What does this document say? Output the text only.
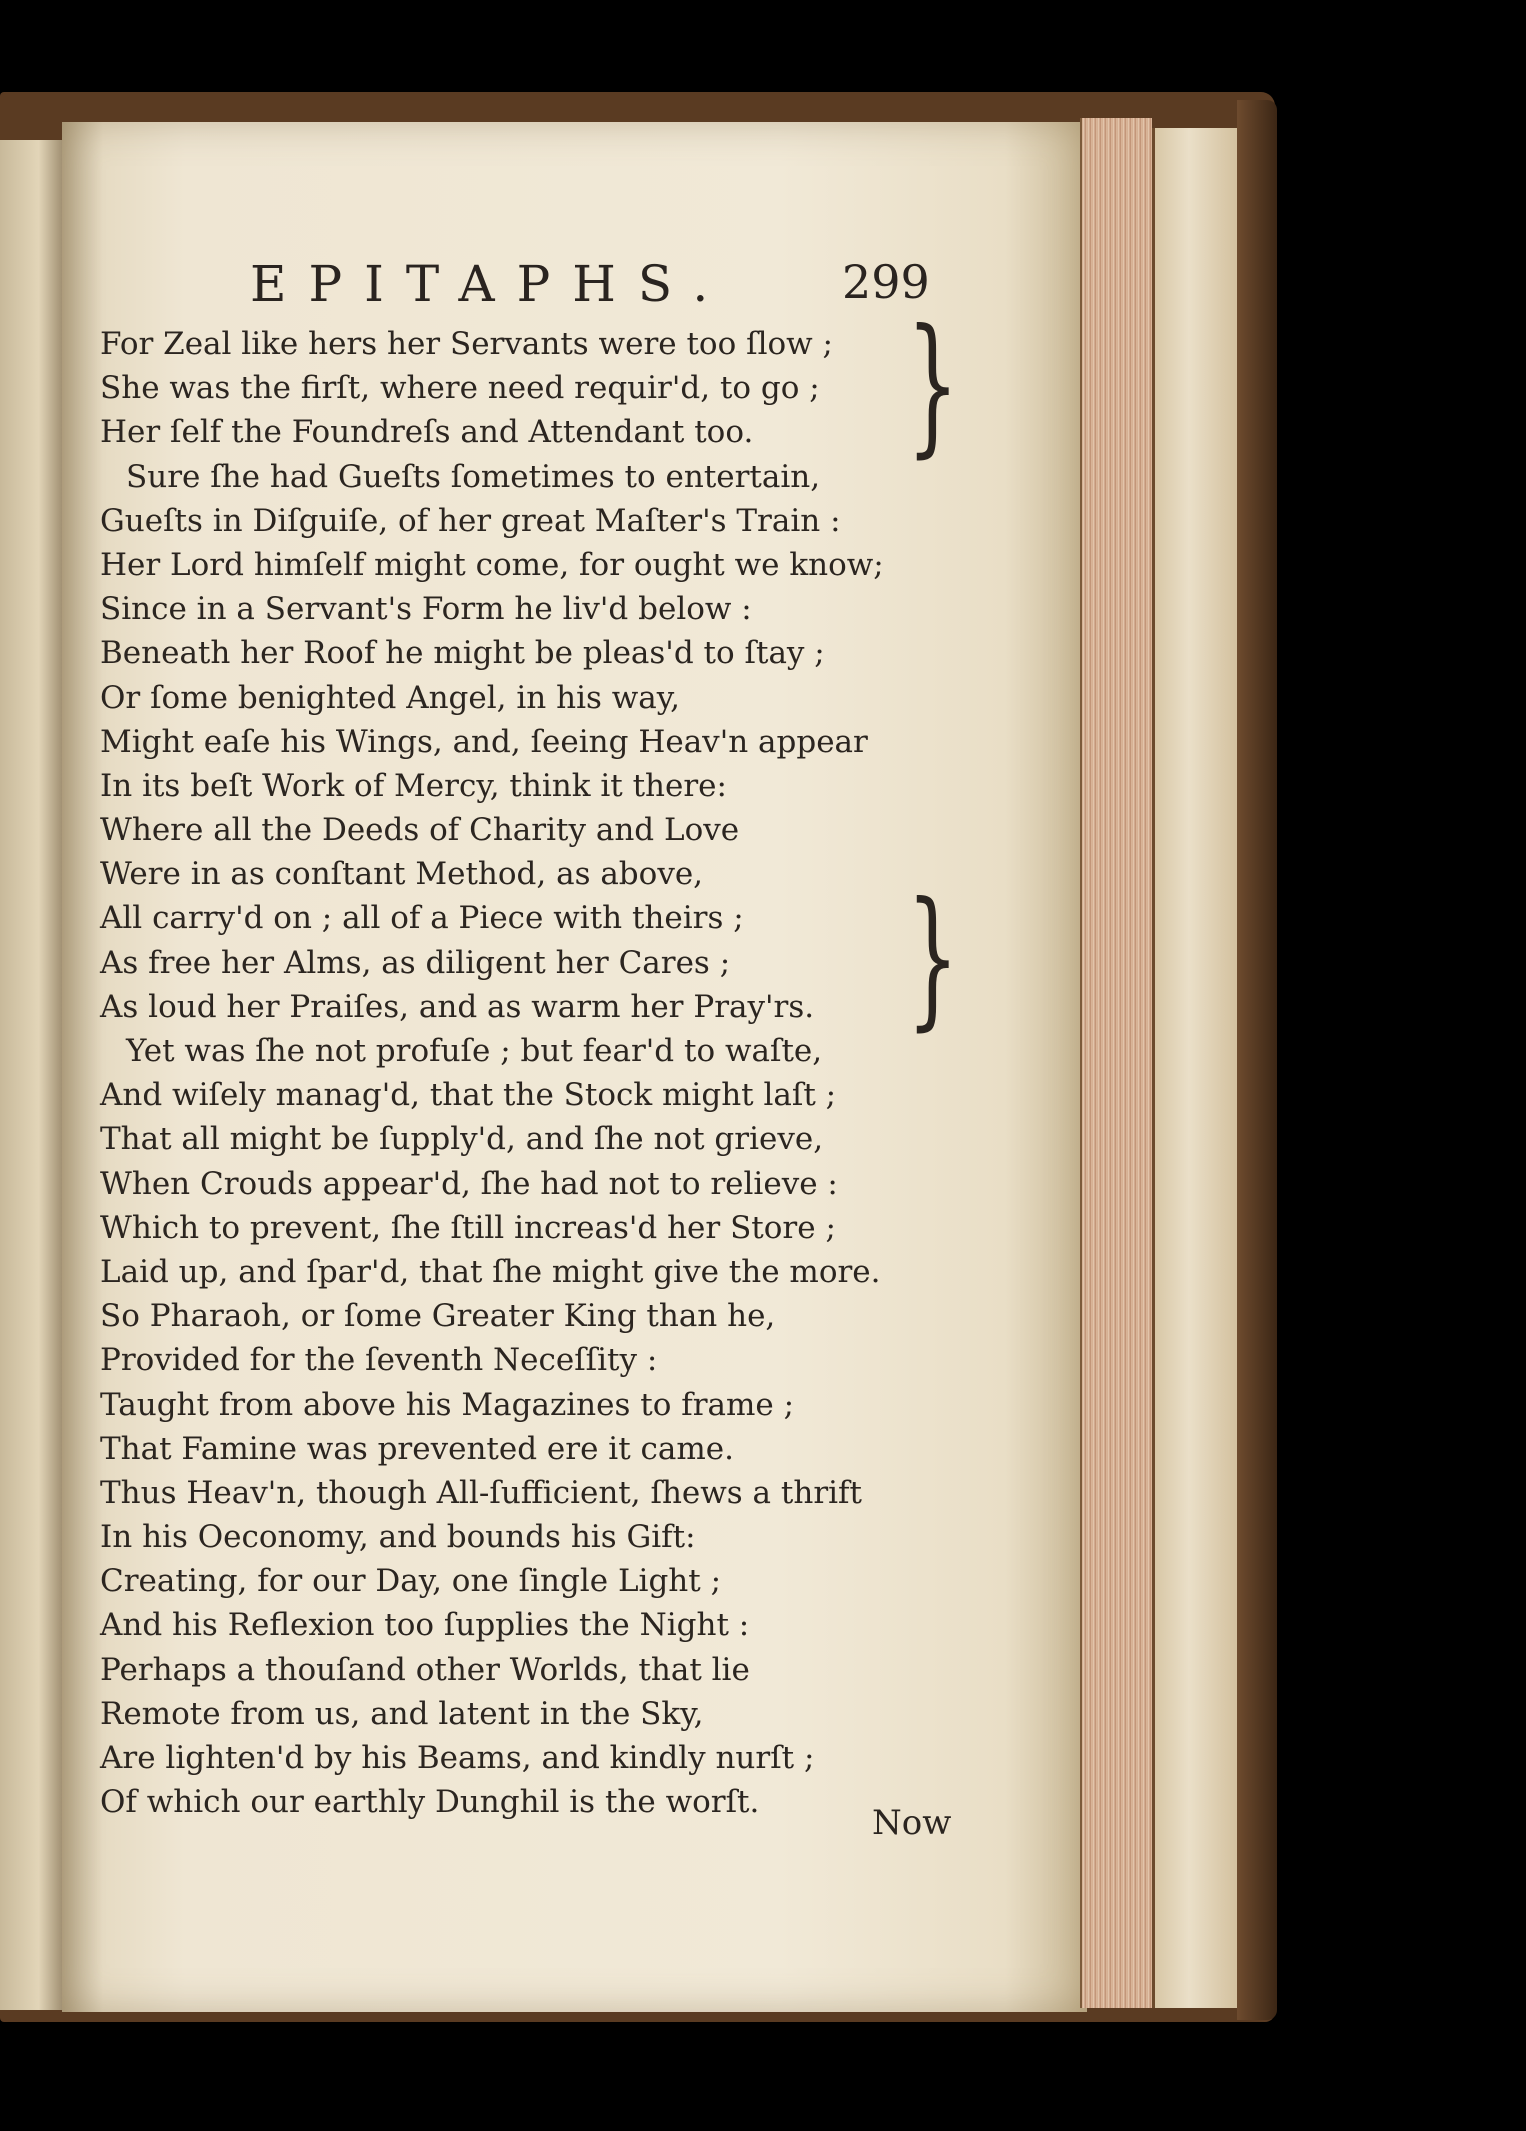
EPITAPHS. 299
For Zeal like hers her Servants were too ſlow ;
She was the firſt, where need requir'd, to go ;
Her ſelf the Foundreſs and Attendant too.
Sure ſhe had Gueſts ſometimes to entertain,
Gueſts in Diſguiſe, of her great Maſter's Train :
Her Lord himſelf might come, for ought we know;
Since in a Servant's Form he liv'd below :
Beneath her Roof he might be pleas'd to ſtay ;
Or ſome benighted Angel, in his way,
Might eaſe his Wings, and, ſeeing Heav'n appear
In its beſt Work of Mercy, think it there:
Where all the Deeds of Charity and Love
Were in as conſtant Method, as above,
All carry'd on ; all of a Piece with theirs ;
As free her Alms, as diligent her Cares ;
As loud her Praiſes, and as warm her Pray'rs.
Yet was ſhe not profuſe ; but fear'd to waſte,
And wiſely manag'd, that the Stock might laſt ;
That all might be ſupply'd, and ſhe not grieve,
When Crouds appear'd, ſhe had not to relieve :
Which to prevent, ſhe ſtill increas'd her Store ;
Laid up, and ſpar'd, that ſhe might give the more.
So Pharaoh, or ſome Greater King than he,
Provided for the ſeventh Neceſſity :
Taught from above his Magazines to frame ;
That Famine was prevented ere it came.
Thus Heav'n, though All-ſufficient, ſhews a thrift
In his Oeconomy, and bounds his Gift:
Creating, for our Day, one ſingle Light ;
And his Reflexion too ſupplies the Night :
Perhaps a thouſand other Worlds, that lie
Remote from us, and latent in the Sky,
Are lighten'd by his Beams, and kindly nurſt ;
Of which our earthly Dunghil is the worſt.
}
}
Now
